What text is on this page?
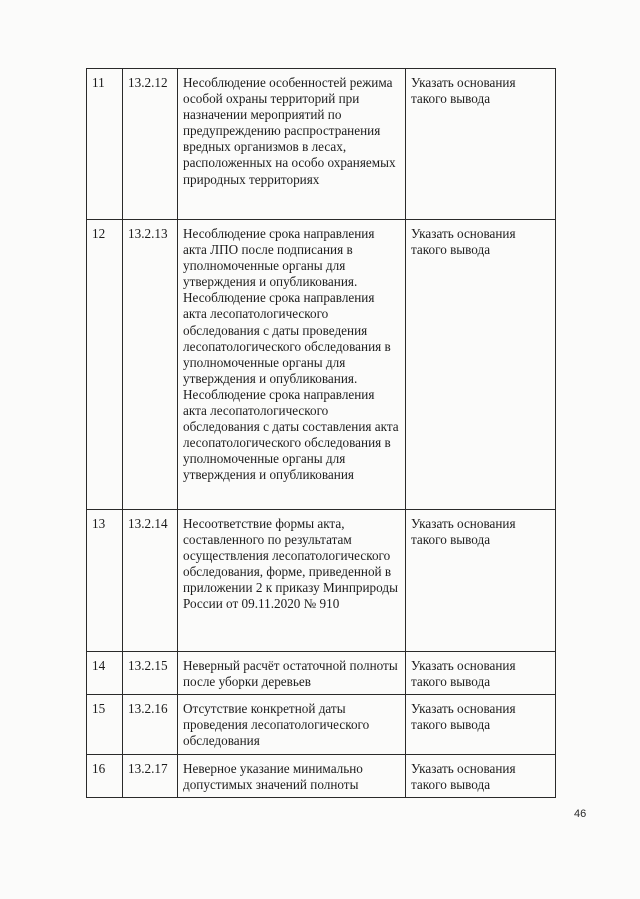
11	13.2.12	Несоблюдение особенностей режима особой охраны территорий при назначении мероприятий по предупреждению распространения вредных организмов в лесах, расположенных на особо охраняемых природных территориях	Указать основания такого вывода
12	13.2.13	Несоблюдение срока направления акта ЛПО после подписания в уполномоченные органы для утверждения и опубликования.

Несоблюдение срока направления акта лесопатологического обследования с даты проведения лесопатологического обследования в уполномоченные органы для утверждения и опубликования.

Несоблюдение срока направления акта лесопатологического обследования с даты составления акта лесопатологического обследования в уполномоченные органы для утверждения и опубликования	Указать основания такого вывода
13	13.2.14	Несоответствие формы акта, составленного по результатам осуществления лесопатологического обследования, форме, приведенной в приложении 2 к приказу Минприроды России от 09.11.2020 № 910	Указать основания такого вывода
14	13.2.15	Неверный расчёт остаточной полноты после уборки деревьев	Указать основания такого вывода
15	13.2.16	Отсутствие конкретной даты проведения лесопатологического обследования	Указать основания такого вывода
16	13.2.17	Неверное указание минимально допустимых значений полноты	Указать основания такого вывода
46
